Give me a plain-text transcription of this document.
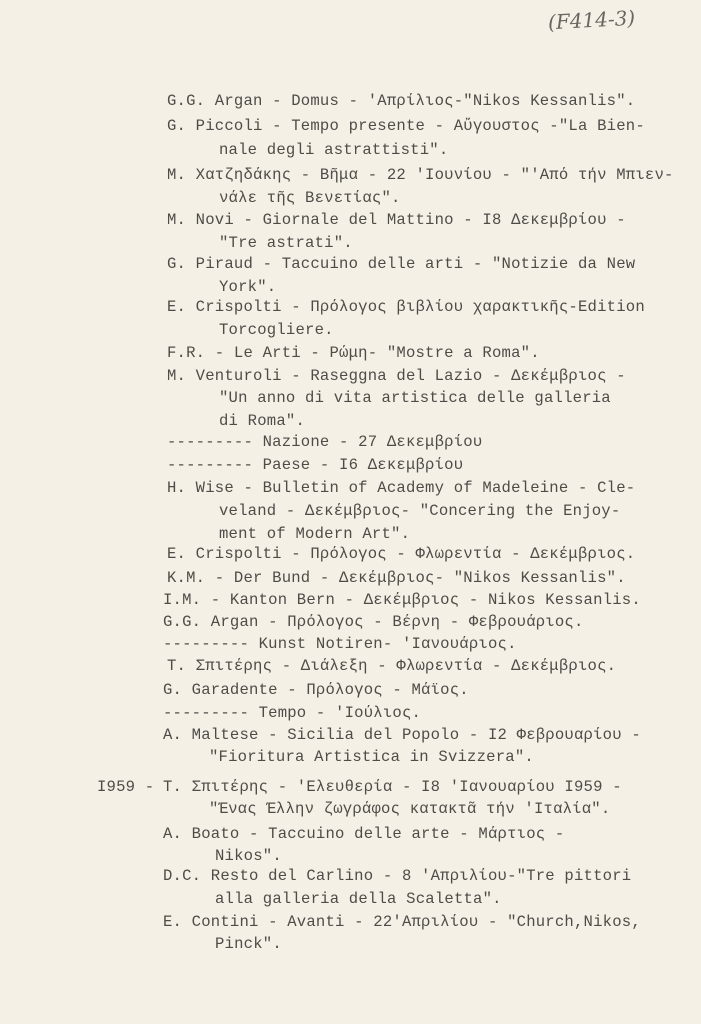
(F414-3)
G.G. Argan - Domus - 'Απρίλιος-"Nikos Kessanlis".
G. Piccoli - Tempo presente - Αὔγουστος -"La Bien-
nale degli astrattisti".
M. Χατζηδάκης - Βῆμα - 22 'Ιουνίου - "'Από τήν Μπιεν-
νάλε τῆς Βενετίας".
M. Novi - Giornale del Mattino - I8 Δεκεμβρίου -
"Tre astrati".
G. Piraud - Taccuino delle arti - "Notizie da New
York".
E. Crispolti - Πρόλογος βιβλίου χαρακτικῆς-Edition
Torcogliere.
F.R. - Le Arti - Ρώμη- "Mostre a Roma".
M. Venturoli - Raseggna del Lazio - Δεκέμβριος -
"Un anno di vita artistica delle galleria
di Roma".
--------- Nazione - 27 Δεκεμβρίου
--------- Paese - I6 Δεκεμβρίου
H. Wise - Bulletin of Academy of Madeleine - Cle-
veland - Δεκέμβριος- "Concering the Enjoy-
ment of Modern Art".
E. Crispolti - Πρόλογος - Φλωρεντία - Δεκέμβριος.
K.M. - Der Bund - Δεκέμβριος- "Nikos Kessanlis".
I.M. - Kanton Bern - Δεκέμβριος - Nikos Kessanlis.
G.G. Argan - Πρόλογος - Βέρνη - Φεβρουάριος.
--------- Kunst Notiren- 'Ιανουάριος.
T. Σπιτέρης - Διάλεξη - Φλωρεντία - Δεκέμβριος.
G. Garadente - Πρόλογος - Μάϊος.
--------- Tempo - 'Ιούλιος.
A. Maltese - Sicilia del Popolo - I2 Φεβρουαρίου -
"Fioritura Artistica in Svizzera".
I959 - T. Σπιτέρης - 'Ελευθερία - I8 'Ιανουαρίου I959 -
"Ένας Έλλην ζωγράφος κατακτᾶ τήν 'Ιταλία".
A. Boato - Taccuino delle arte - Μάρτιος -
Nikos".
D.C. Resto del Carlino - 8 'Απριλίου-"Tre pittori
alla galleria della Scaletta".
E. Contini - Avanti - 22'Απριλίου - "Church,Nikos,
Pinck".
